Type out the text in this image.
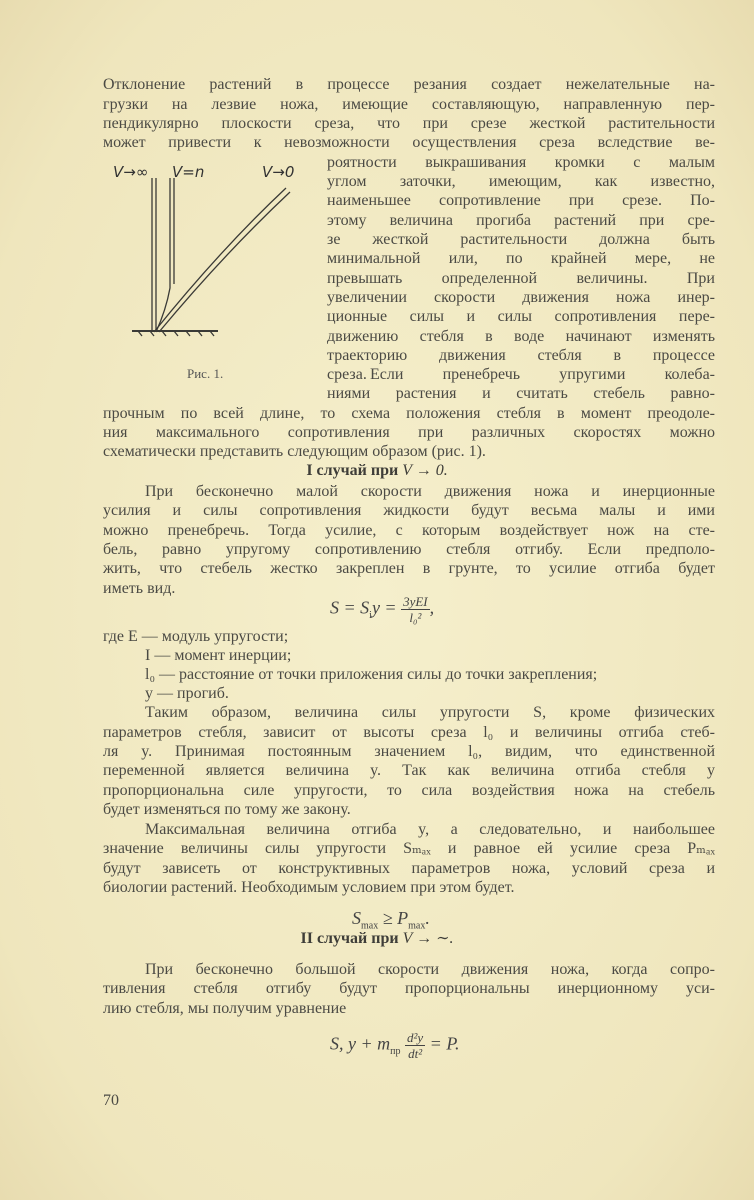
Отклонение растений в процессе резания создает нежелательные на-
грузки на лезвие ножа, имеющие составляющую, направленную пер-
пендикулярно плоскости среза, что при срезе жесткой растительности
может привести к невозможности осуществления среза вследствие ве-
роятности выкрашивания кромки с малым
углом заточки, имеющим, как известно,
наименьшее сопротивление при срезе. По-
этому величина прогиба растений при сре-
зе жесткой растительности должна быть
минимальной или, по крайней мере, не
превышать определенной величины. При
увеличении скорости движения ножа инер-
ционные силы и силы сопротивления пере-
движению стебля в воде начинают изменять
траекторию движения стебля в процессе
среза. Если пренебречь упругими колеба-
ниями растения и считать стебель равно-
прочным по всей длине, то схема положения стебля в момент преодоле-
ния максимального сопротивления при различных скоростях можно
схематически представить следующим образом (рис. 1).
При бесконечно малой скорости движения ножа и инерционные
усилия и силы сопротивления жидкости будут весьма малы и ими
можно пренебречь. Тогда усилие, с которым воздействует нож на сте-
бель, равно упругому сопротивлению стебля отгибу. Если предполо-
жить, что стебель жестко закреплен в грунте, то усилие отгиба будет
иметь вид.
где E — модуль упругости;
I — момент инерции;
l₀ — расстояние от точки приложения силы до точки закрепления;
y — прогиб.
Таким образом, величина силы упругости S, кроме физических
параметров стебля, зависит от высоты среза l₀ и величины отгиба стеб-
ля y. Принимая постоянным значением l₀, видим, что единственной
переменной является величина y. Так как величина отгиба стебля y
пропорциональна силе упругости, то сила воздействия ножа на стебель
будет изменяться по тому же закону.
Максимальная величина отгиба y, а следовательно, и наибольшее
значение величины силы упругости Sₘₐₓ и равное ей усилие среза Pₘₐₓ
будут зависеть от конструктивных параметров ножа, условий среза и
биологии растений. Необходимым условием при этом будет.
При бесконечно большой скорости движения ножа, когда сопро-
тивления стебля отгибу будут пропорциональны инерционному уси-
лию стебля, мы получим уравнение
V→∞ V=n	V→0
Рис. 1.
I случай при V → 0.
$S = S_iy = \frac{\text{3yEI}}{\text{l₀²}}$ ,
$S_{max} \ge P_{max}$.
II случай при V → ∼.
S, $y + m_{пр} \frac{\text{d²y}}{\text{dt²}} = P$.
70
